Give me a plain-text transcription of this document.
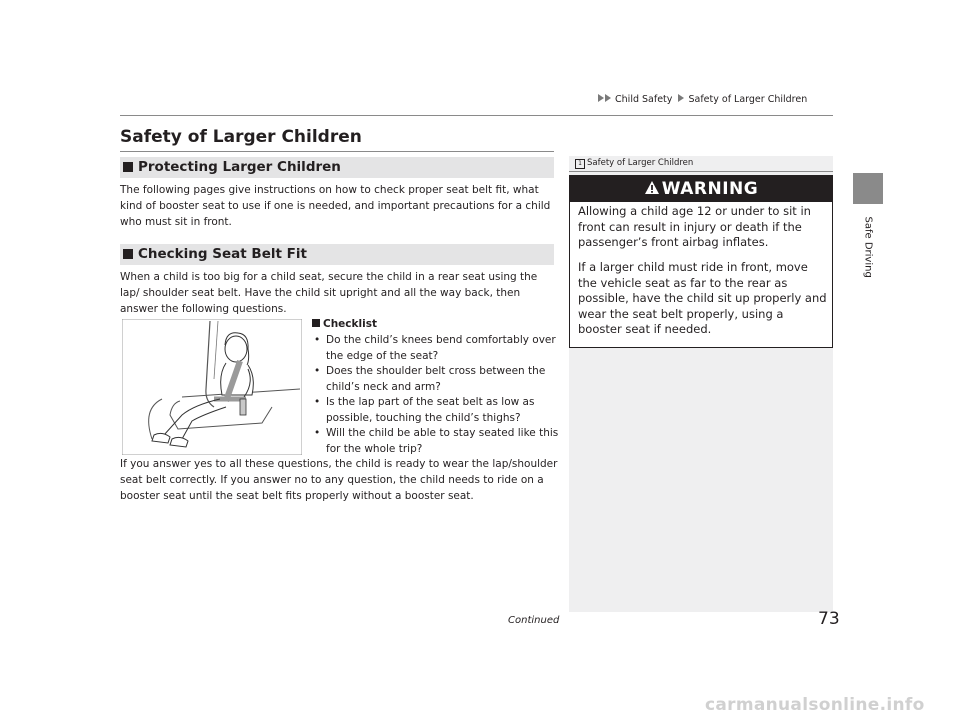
Child Safety Safety of Larger Children
Safe Driving
Safety of Larger Children
Protecting Larger Children
The following pages give instructions on how to check proper seat belt fit, what kind of booster seat to use if one is needed, and important precautions for a child who must sit in front.
Checking Seat Belt Fit
When a child is too big for a child seat, secure the child in a rear seat using the lap/ shoulder seat belt. Have the child sit upright and all the way back, then answer the following questions.
Checklist
• Do the child’s knees bend comfortably over the edge of the seat?
• Does the shoulder belt cross between the child’s neck and arm?
• Is the lap part of the seat belt as low as possible, touching the child’s thighs?
• Will the child be able to stay seated like this for the whole trip?
If you answer yes to all these questions, the child is ready to wear the lap/shoulder seat belt correctly. If you answer no to any question, the child needs to ride on a booster seat until the seat belt fits properly without a booster seat.
1 Safety of Larger Children
WARNING
Allowing a child age 12 or under to sit in front can result in injury or death if the passenger’s front airbag inflates.
If a larger child must ride in front, move the vehicle seat as far to the rear as possible, have the child sit up properly and wear the seat belt properly, using a booster seat if needed.
Continued	73
carmanualsonline.info
